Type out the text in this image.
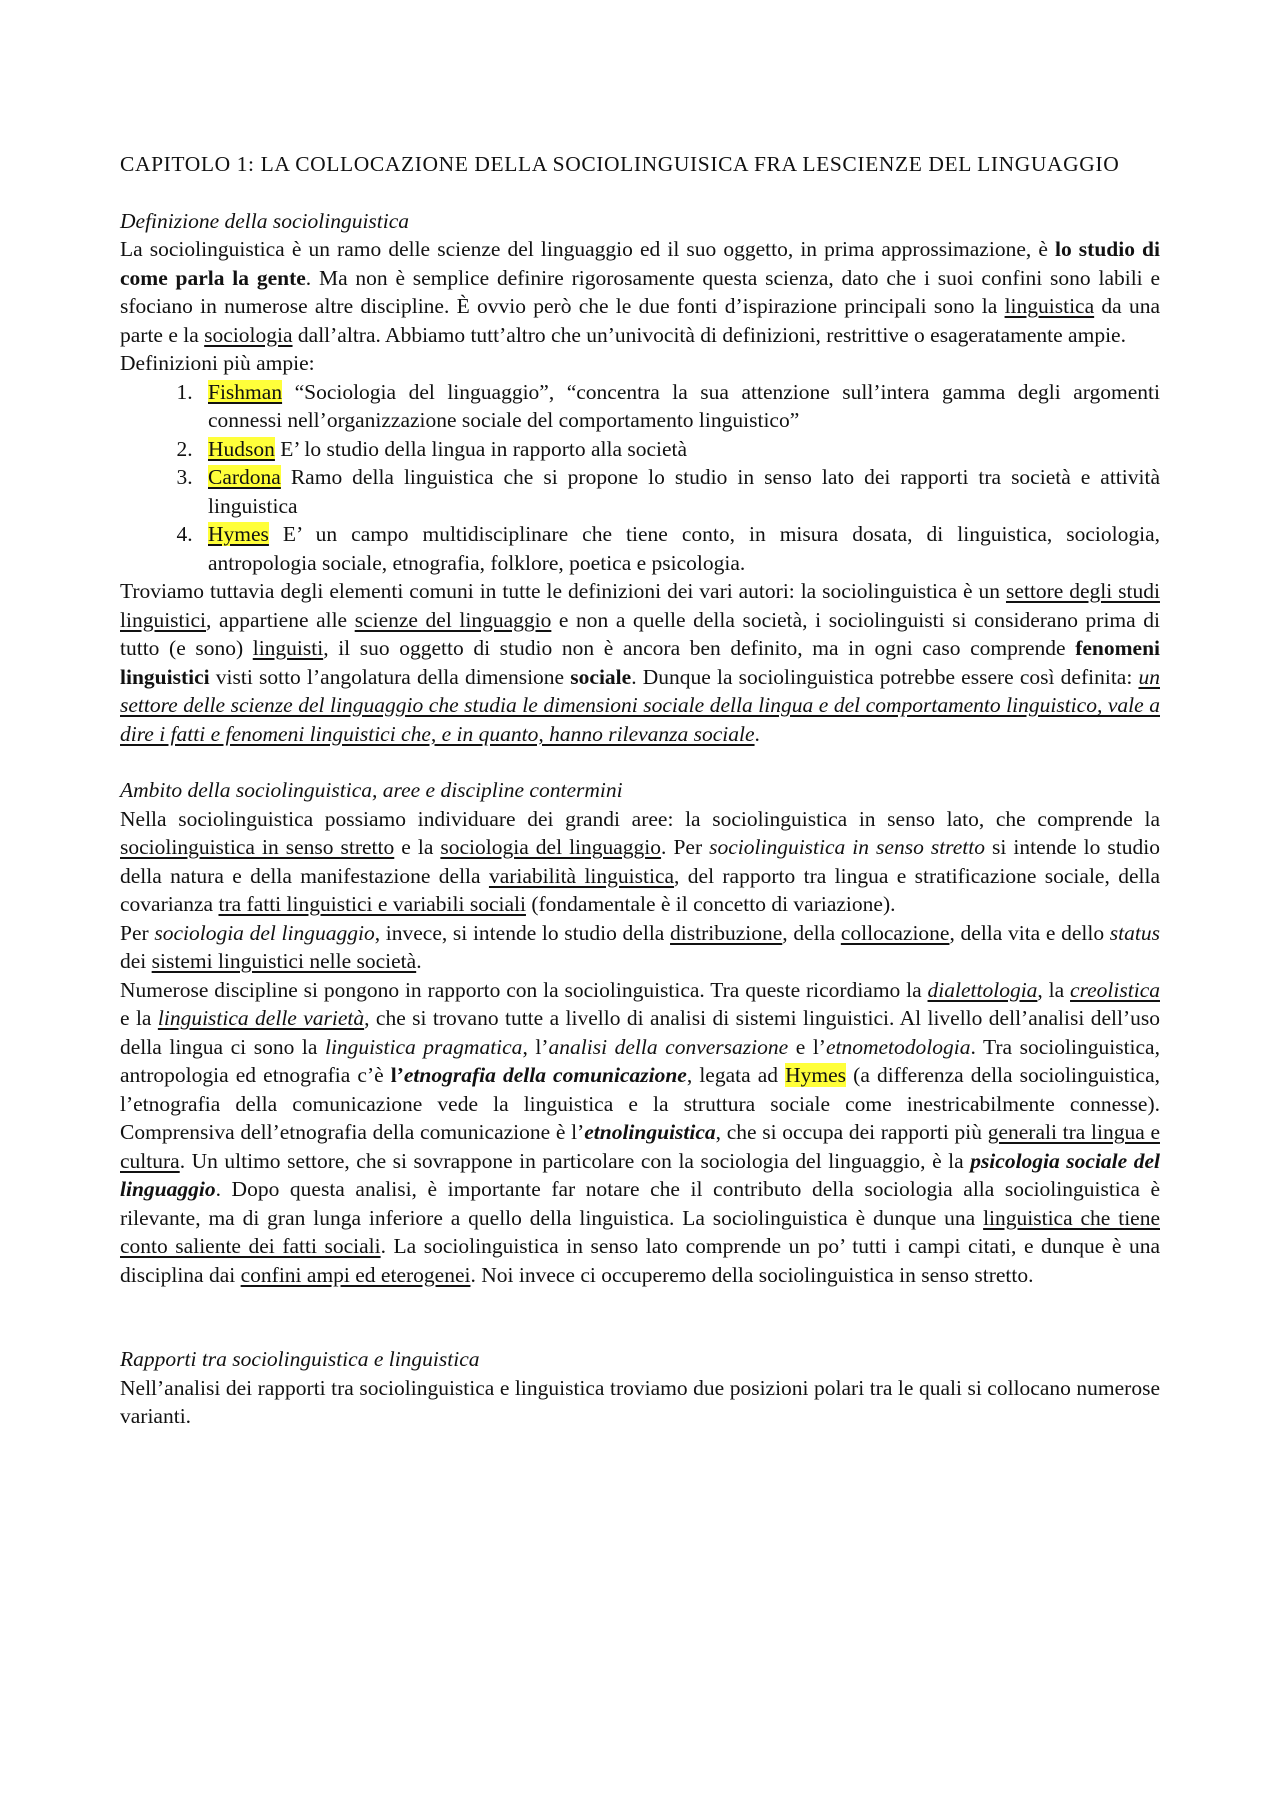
CAPITOLO 1: LA COLLOCAZIONE DELLA SOCIOLINGUISICA FRA LESCIENZE DEL LINGUAGGIO

Definizione della sociolinguistica

La sociolinguistica è un ramo delle scienze del linguaggio ed il suo oggetto, in prima approssimazione, è lo studio di come parla la gente. Ma non è semplice definire rigorosamente questa scienza, dato che i suoi confini sono labili e sfociano in numerose altre discipline. È ovvio però che le due fonti d’ispirazione principali sono la linguistica da una parte e la sociologia dall’altra. Abbiamo tutt’altro che un’univocità di definizioni, restrittive o esageratamente ampie.

Definizioni più ampie:

1. Fishman “Sociologia del linguaggio”, “concentra la sua attenzione sull’intera gamma degli argomenti connessi nell’organizzazione sociale del comportamento linguistico”
2. Hudson E’ lo studio della lingua in rapporto alla società
3. Cardona Ramo della linguistica che si propone lo studio in senso lato dei rapporti tra società e attività linguistica
4. Hymes E’ un campo multidisciplinare che tiene conto, in misura dosata, di linguistica, sociologia, antropologia sociale, etnografia, folklore, poetica e psicologia.

Troviamo tuttavia degli elementi comuni in tutte le definizioni dei vari autori: la sociolinguistica è un settore degli studi linguistici, appartiene alle scienze del linguaggio e non a quelle della società, i sociolinguisti si considerano prima di tutto (e sono) linguisti, il suo oggetto di studio non è ancora ben definito, ma in ogni caso comprende fenomeni linguistici visti sotto l’angolatura della dimensione sociale. Dunque la sociolinguistica potrebbe essere così definita: un settore delle scienze del linguaggio che studia le dimensioni sociale della lingua e del comportamento linguistico, vale a dire i fatti e fenomeni linguistici che, e in quanto, hanno rilevanza sociale.

Ambito della sociolinguistica, aree e discipline contermini

Nella sociolinguistica possiamo individuare dei grandi aree: la sociolinguistica in senso lato, che comprende la sociolinguistica in senso stretto e la sociologia del linguaggio. Per sociolinguistica in senso stretto si intende lo studio della natura e della manifestazione della variabilità linguistica, del rapporto tra lingua e stratificazione sociale, della covarianza tra fatti linguistici e variabili sociali (fondamentale è il concetto di variazione).

Per sociologia del linguaggio, invece, si intende lo studio della distribuzione, della collocazione, della vita e dello status dei sistemi linguistici nelle società.

Numerose discipline si pongono in rapporto con la sociolinguistica. Tra queste ricordiamo la dialettologia, la creolistica e la linguistica delle varietà, che si trovano tutte a livello di analisi di sistemi linguistici. Al livello dell’analisi dell’uso della lingua ci sono la linguistica pragmatica, l’analisi della conversazione e l’etnometodologia. Tra sociolinguistica, antropologia ed etnografia c’è l’etnografia della comunicazione, legata ad Hymes (a differenza della sociolinguistica, l’etnografia della comunicazione vede la linguistica e la struttura sociale come inestricabilmente connesse). Comprensiva dell’etnografia della comunicazione è l’etnolinguistica, che si occupa dei rapporti più generali tra lingua e cultura. Un ultimo settore, che si sovrappone in particolare con la sociologia del linguaggio, è la psicologia sociale del linguaggio. Dopo questa analisi, è importante far notare che il contributo della sociologia alla sociolinguistica è rilevante, ma di gran lunga inferiore a quello della linguistica. La sociolinguistica è dunque una linguistica che tiene conto saliente dei fatti sociali. La sociolinguistica in senso lato comprende un po’ tutti i campi citati, e dunque è una disciplina dai confini ampi ed eterogenei. Noi invece ci occuperemo della sociolinguistica in senso stretto.

Rapporti tra sociolinguistica e linguistica

Nell’analisi dei rapporti tra sociolinguistica e linguistica troviamo due posizioni polari tra le quali si collocano numerose varianti.
